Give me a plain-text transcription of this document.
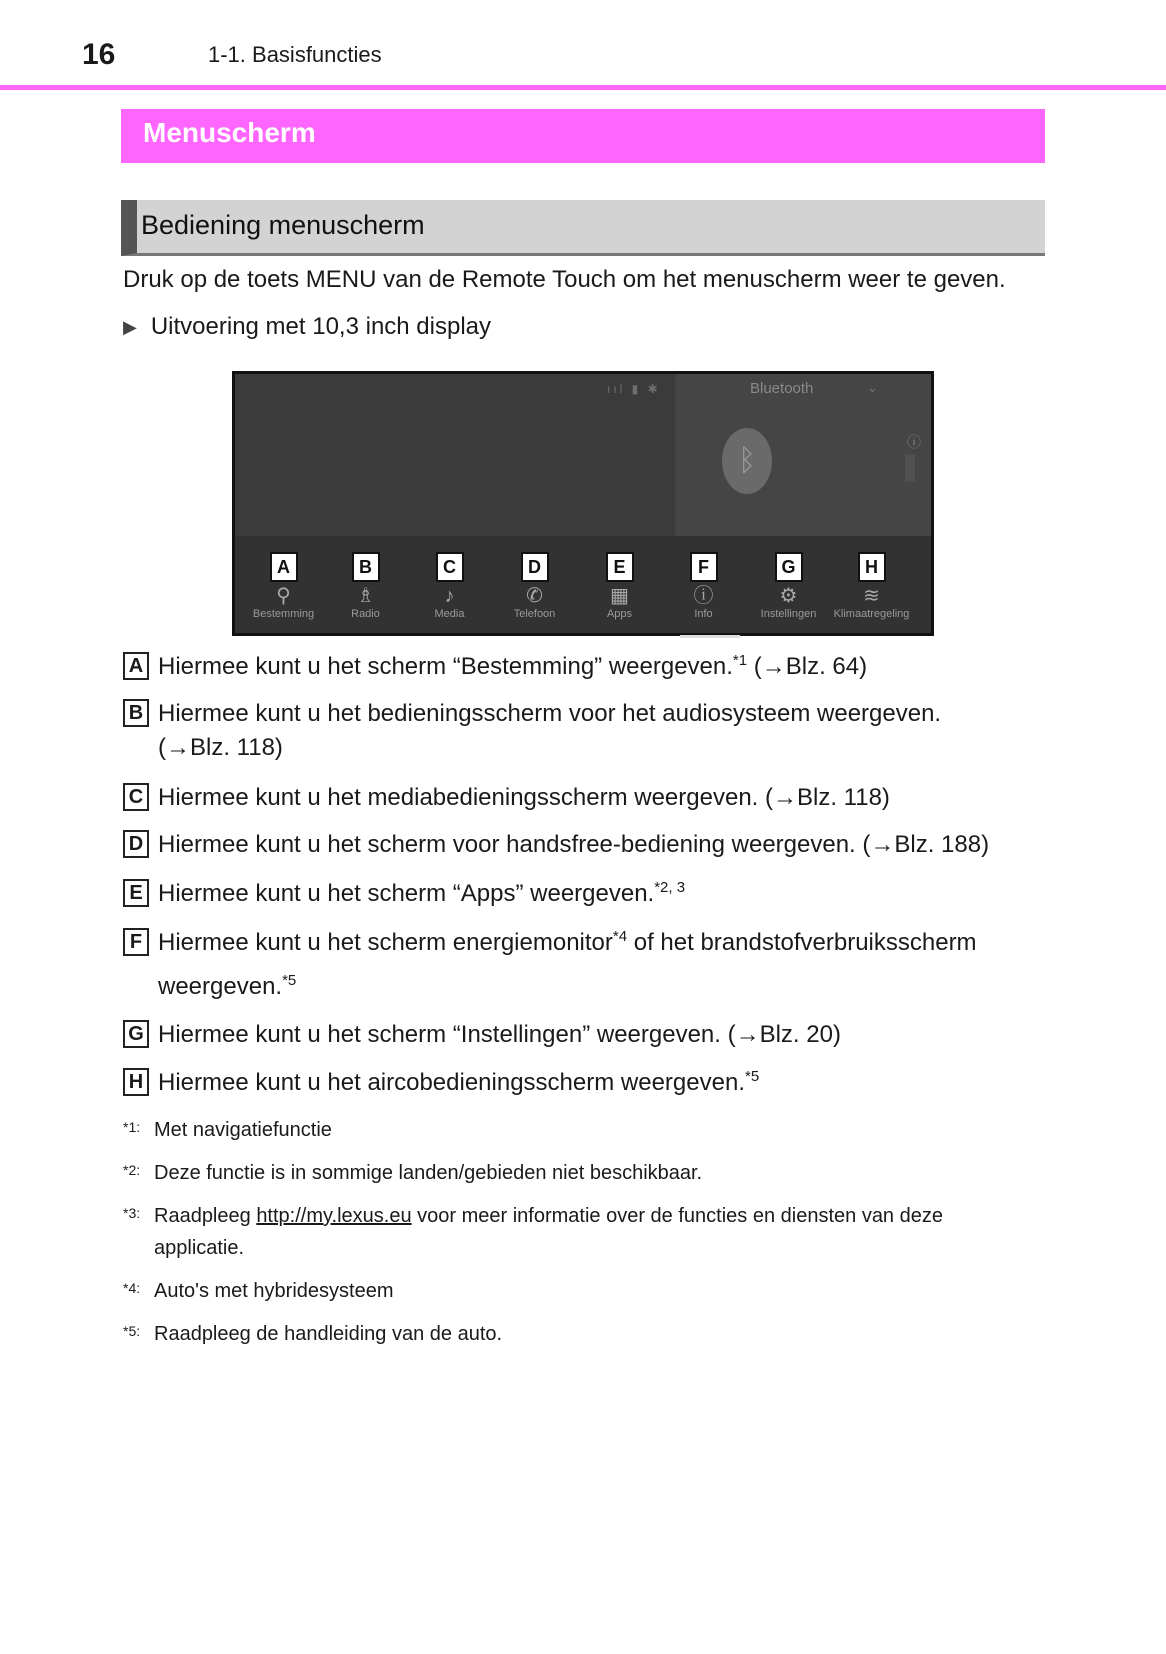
16	1-1. Basisfuncties
Menuscherm
Bediening menuscherm
Druk op de toets MENU van de Remote Touch om het menuscherm weer te geven.
▶ Uitvoering met 10,3 inch display
ııl ▮ ✱	Bluetooth	⌄
ⓘ
ᛒ
A
⚲
Bestemming
B
♗
Radio
C
♪
Media
D
✆
Telefoon
E
▦
Apps
F
ⓘ
Info
G
⚙
Instellingen
H
≋
Klimaatregeling
A Hiermee kunt u het scherm “Bestemming” weergeven.$^{*1}$ (→Blz. 64)
B Hiermee kunt u het bedieningsscherm voor het audiosysteem weergeven.
(→Blz. 118)
C Hiermee kunt u het mediabedieningsscherm weergeven. (→Blz. 118)
D Hiermee kunt u het scherm voor handsfree-bediening weergeven. (→Blz. 188)
E Hiermee kunt u het scherm “Apps” weergeven.$^{*2, 3}$
F Hiermee kunt u het scherm energiemonitor$^{*4}$ of het brandstofverbruiksscherm
weergeven.$^{*5}$
G Hiermee kunt u het scherm “Instellingen” weergeven. (→Blz. 20)
H Hiermee kunt u het aircobedieningsscherm weergeven.$^{*5}$
*1: Met navigatiefunctie
*2: Deze functie is in sommige landen/gebieden niet beschikbaar.
*3: Raadpleeg http://my.lexus.eu voor meer informatie over de functies en diensten van deze
applicatie.
*4: Auto's met hybridesysteem
*5: Raadpleeg de handleiding van de auto.
